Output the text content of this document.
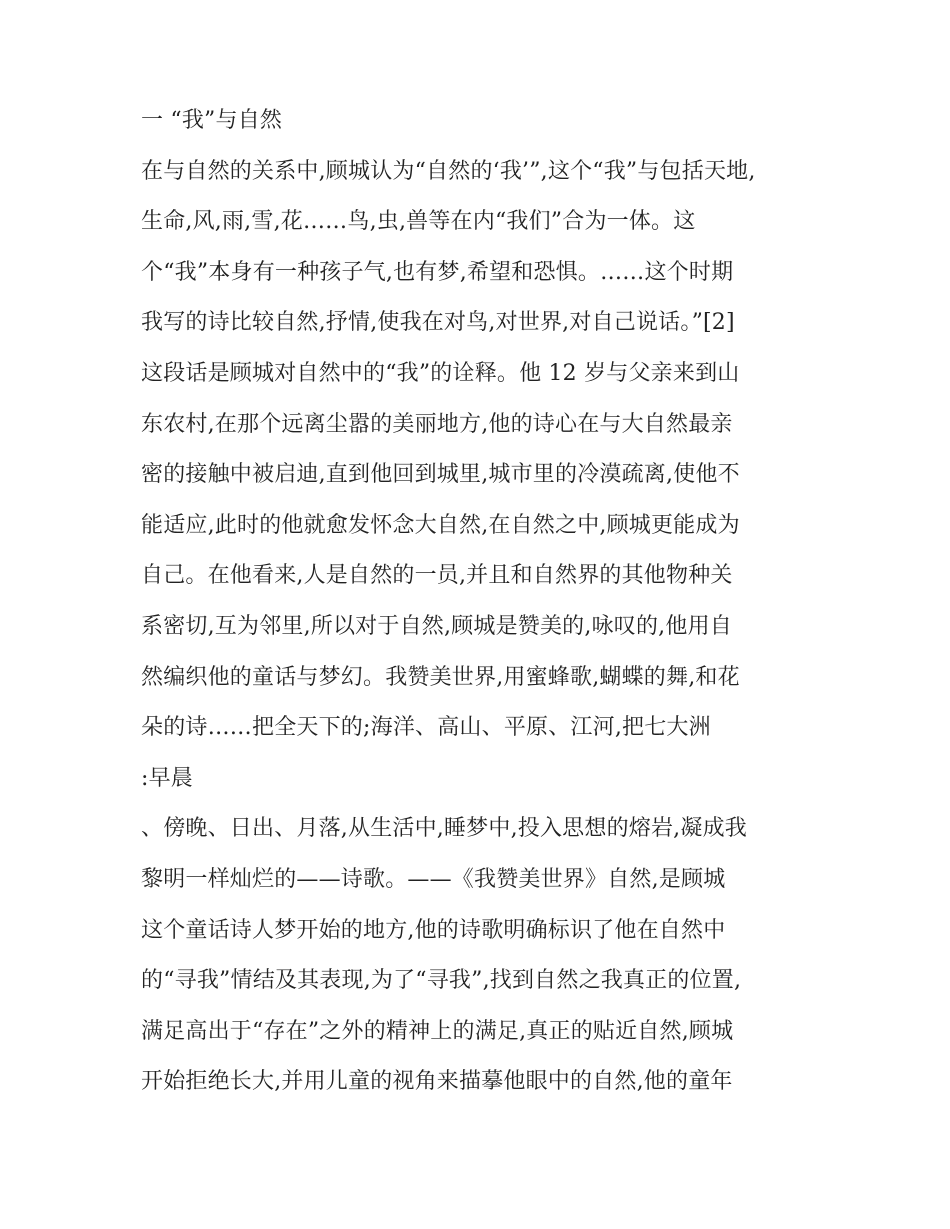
一 “我”与自然
在与自然的关系中,顾城认为“自然的‘我’”,这个“我”与包括天地,
生命,风,雨,雪,花……鸟,虫,兽等在内“我们”合为一体。这
个“我”本身有一种孩子气,也有梦,希望和恐惧。……这个时期
我写的诗比较自然,抒情,使我在对鸟,对世界,对自己说话。”[2]
这段话是顾城对自然中的“我”的诠释。他 12 岁与父亲来到山
东农村,在那个远离尘嚣的美丽地方,他的诗心在与大自然最亲
密的接触中被启迪,直到他回到城里,城市里的冷漠疏离,使他不
能适应,此时的他就愈发怀念大自然,在自然之中,顾城更能成为
自己。在他看来,人是自然的一员,并且和自然界的其他物种关
系密切,互为邻里,所以对于自然,顾城是赞美的,咏叹的,他用自
然编织他的童话与梦幻。我赞美世界,用蜜蜂歌,蝴蝶的舞,和花
朵的诗……把全天下的;海洋、高山、平原、江河,把七大洲
:早晨
、傍晚、日出、月落,从生活中,睡梦中,投入思想的熔岩,凝成我
黎明一样灿烂的——诗歌。——《我赞美世界》自然,是顾城
这个童话诗人梦开始的地方,他的诗歌明确标识了他在自然中
的“寻我”情结及其表现,为了“寻我”,找到自然之我真正的位置,
满足高出于“存在”之外的精神上的满足,真正的贴近自然,顾城
开始拒绝长大,并用儿童的视角来描摹他眼中的自然,他的童年
